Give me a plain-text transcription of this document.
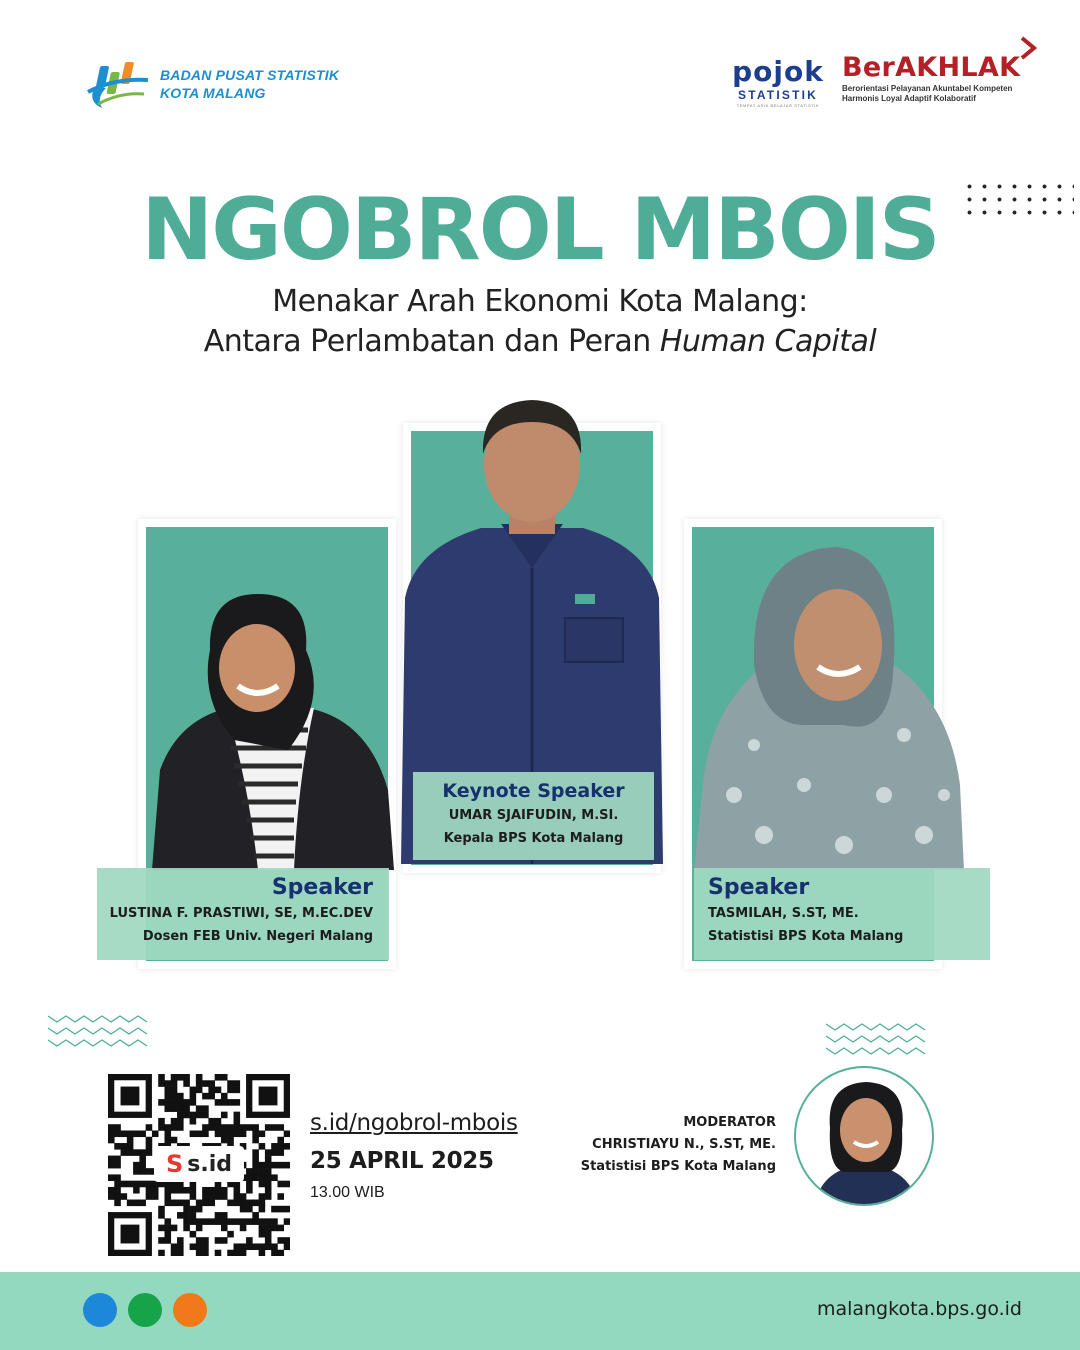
BADAN PUSAT STATISTIK
KOTA MALANG
pojok
STATISTIK
TEMPAT ASIK BELAJAR STATISTIK
BerAKHLAK
Berorientasi Pelayanan Akuntabel Kompeten
Harmonis Loyal Adaptif Kolaboratif
NGOBROL MBOIS
Menakar Arah Ekonomi Kota Malang:
Antara Perlambatan dan Peran Human Capital
Speaker
LUSTINA F. PRASTIWI, SE, M.EC.DEV
Dosen FEB Univ. Negeri Malang
Keynote Speaker
UMAR SJAIFUDIN, M.SI.
Kepala BPS Kota Malang
Speaker
TASMILAH, S.ST, ME.
Statistisi BPS Kota Malang
S s.id
s.id/ngobrol-mbois
25 APRIL 2025
13.00 WIB
MODERATOR
CHRISTIAYU N., S.ST, ME.
Statistisi BPS Kota Malang
malangkota.bps.go.id
